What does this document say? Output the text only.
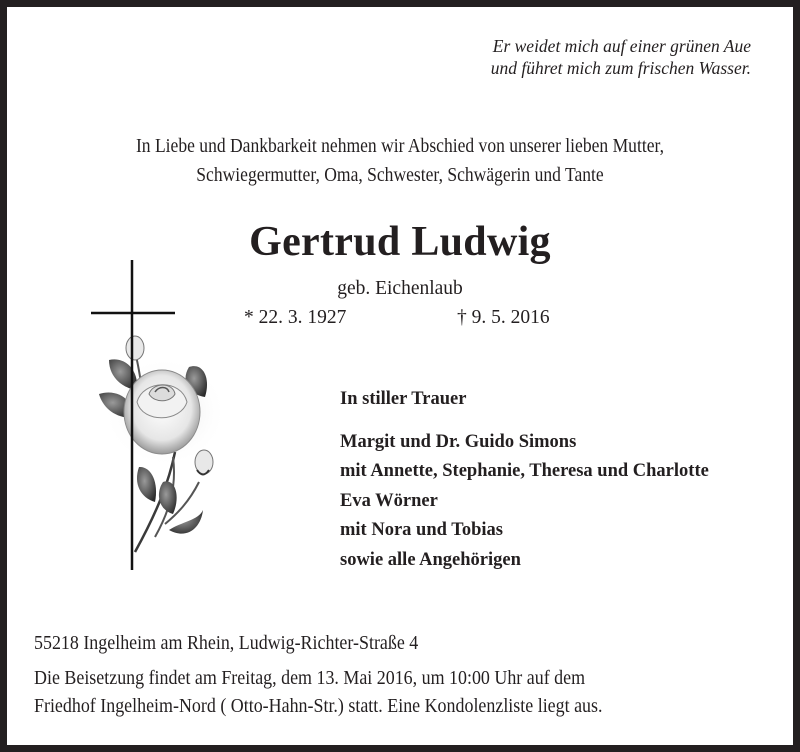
Er weidet mich auf einer grünen Aue
und führet mich zum frischen Wasser.
In Liebe und Dankbarkeit nehmen wir Abschied von unserer lieben Mutter,
Schwiegermutter, Oma, Schwester, Schwägerin und Tante
Gertrud Ludwig
geb. Eichenlaub
* 22. 3. 1927	† 9. 5. 2016
In stiller Trauer
Margit und Dr. Guido Simons
mit Annette, Stephanie, Theresa und Charlotte
Eva Wörner
mit Nora und Tobias
sowie alle Angehörigen
55218 Ingelheim am Rhein, Ludwig-Richter-Straße 4
Die Beisetzung findet am Freitag, dem 13. Mai 2016, um 10:00 Uhr auf dem
Friedhof Ingelheim-Nord ( Otto-Hahn-Str.) statt. Eine Kondolenzliste liegt aus.
